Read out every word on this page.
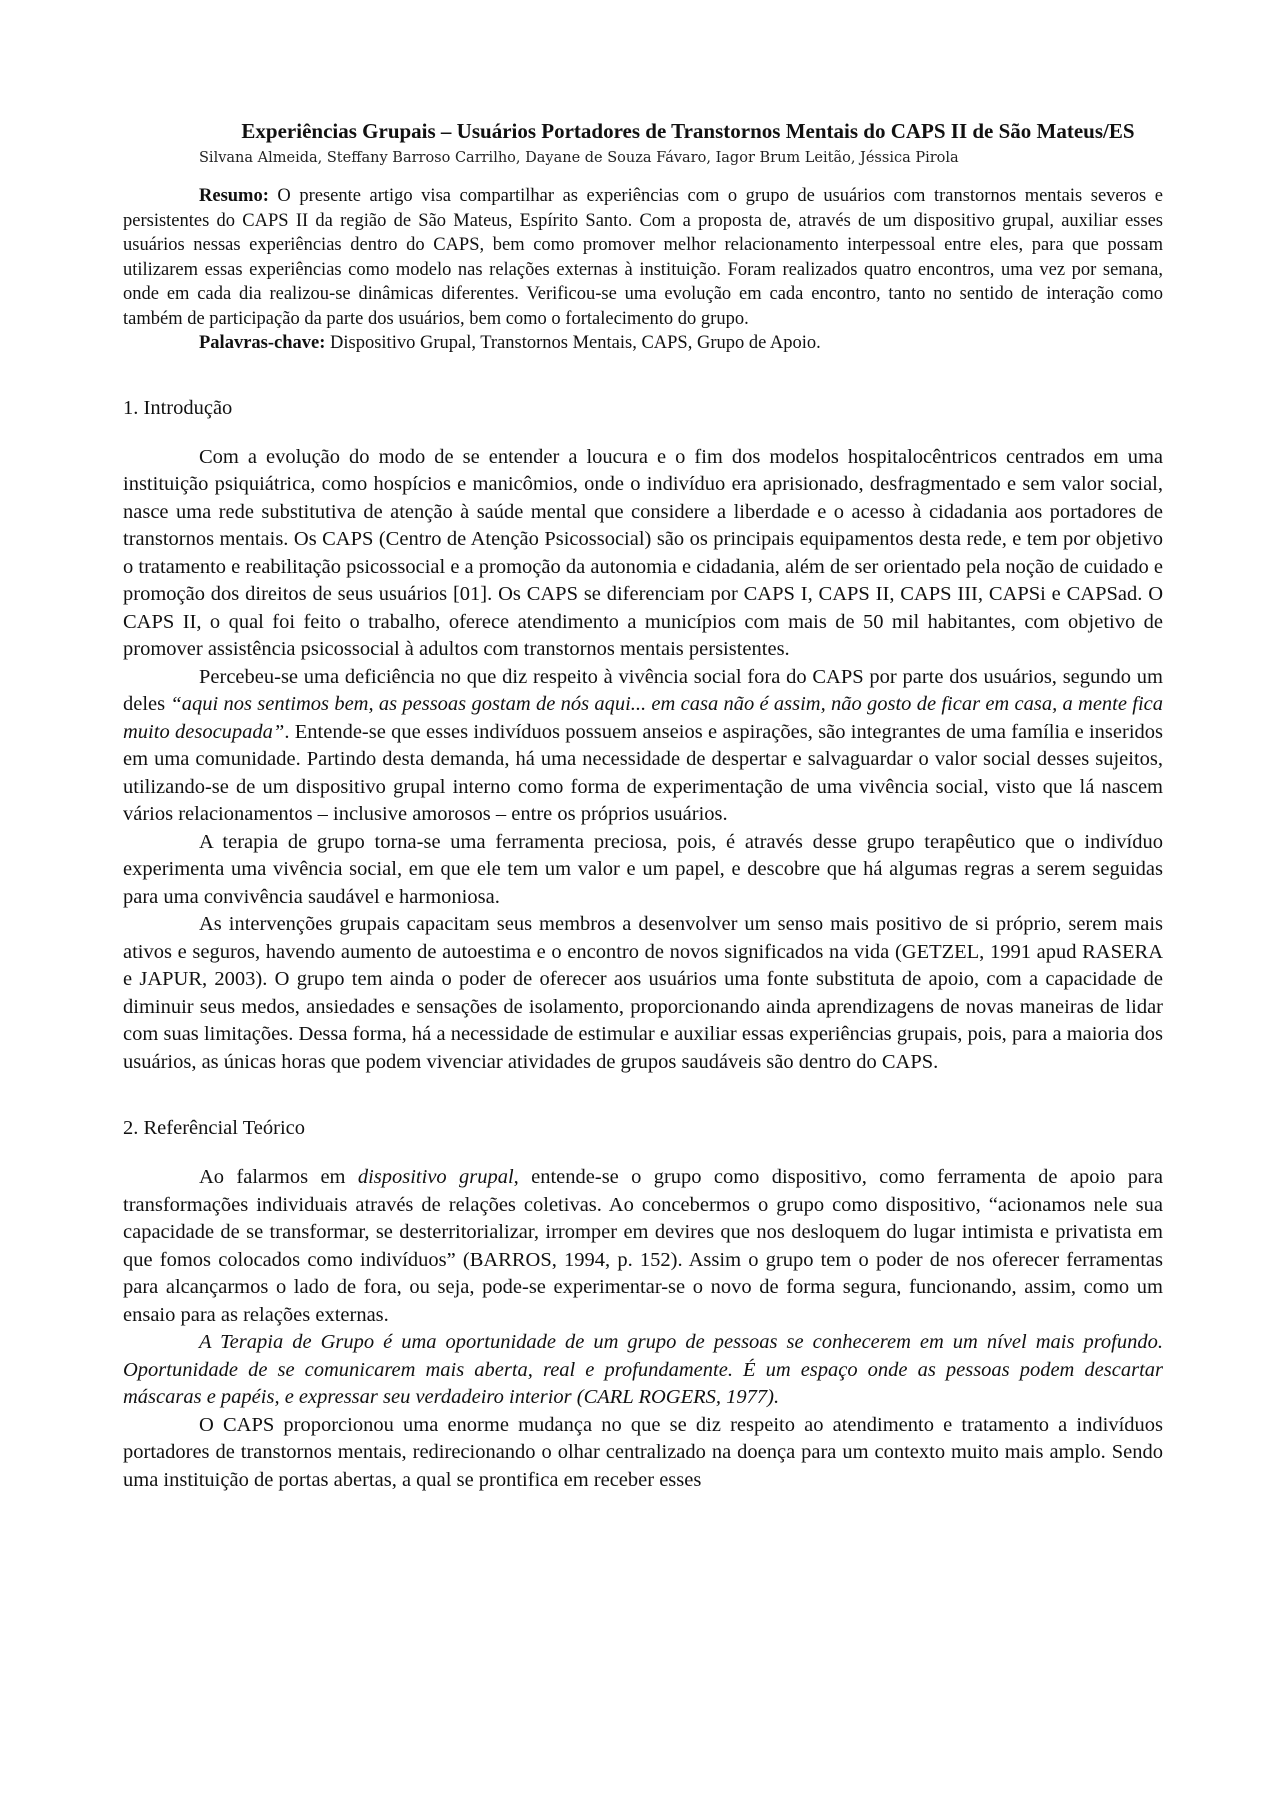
Experiências Grupais – Usuários Portadores de Transtornos Mentais do CAPS II de São Mateus/ES
Silvana Almeida, Steffany Barroso Carrilho, Dayane de Souza Fávaro, Iagor Brum Leitão, Jéssica Pirola

Resumo: O presente artigo visa compartilhar as experiências com o grupo de usuários com transtornos mentais severos e persistentes do CAPS II da região de São Mateus, Espírito Santo. Com a proposta de, através de um dispositivo grupal, auxiliar esses usuários nessas experiências dentro do CAPS, bem como promover melhor relacionamento interpessoal entre eles, para que possam utilizarem essas experiências como modelo nas relações externas à instituição. Foram realizados quatro encontros, uma vez por semana, onde em cada dia realizou-se dinâmicas diferentes. Verificou-se uma evolução em cada encontro, tanto no sentido de interação como também de participação da parte dos usuários, bem como o fortalecimento do grupo.

Palavras-chave: Dispositivo Grupal, Transtornos Mentais, CAPS, Grupo de Apoio.

1. Introdução

Com a evolução do modo de se entender a loucura e o fim dos modelos hospitalocêntricos centrados em uma instituição psiquiátrica, como hospícios e manicômios, onde o indivíduo era aprisionado, desfragmentado e sem valor social, nasce uma rede substitutiva de atenção à saúde mental que considere a liberdade e o acesso à cidadania aos portadores de transtornos mentais. Os CAPS (Centro de Atenção Psicossocial) são os principais equipamentos desta rede, e tem por objetivo o tratamento e reabilitação psicossocial e a promoção da autonomia e cidadania, além de ser orientado pela noção de cuidado e promoção dos direitos de seus usuários [01]. Os CAPS se diferenciam por CAPS I, CAPS II, CAPS III, CAPSi e CAPSad. O CAPS II, o qual foi feito o trabalho, oferece atendimento a municípios com mais de 50 mil habitantes, com objetivo de promover assistência psicossocial à adultos com transtornos mentais persistentes.

Percebeu-se uma deficiência no que diz respeito à vivência social fora do CAPS por parte dos usuários, segundo um deles “aqui nos sentimos bem, as pessoas gostam de nós aqui... em casa não é assim, não gosto de ficar em casa, a mente fica muito desocupada”. Entende-se que esses indivíduos possuem anseios e aspirações, são integrantes de uma família e inseridos em uma comunidade. Partindo desta demanda, há uma necessidade de despertar e salvaguardar o valor social desses sujeitos, utilizando-se de um dispositivo grupal interno como forma de experimentação de uma vivência social, visto que lá nascem vários relacionamentos – inclusive amorosos – entre os próprios usuários.

A terapia de grupo torna-se uma ferramenta preciosa, pois, é através desse grupo terapêutico que o indivíduo experimenta uma vivência social, em que ele tem um valor e um papel, e descobre que há algumas regras a serem seguidas para uma convivência saudável e harmoniosa.

As intervenções grupais capacitam seus membros a desenvolver um senso mais positivo de si próprio, serem mais ativos e seguros, havendo aumento de autoestima e o encontro de novos significados na vida (GETZEL, 1991 apud RASERA e JAPUR, 2003). O grupo tem ainda o poder de oferecer aos usuários uma fonte substituta de apoio, com a capacidade de diminuir seus medos, ansiedades e sensações de isolamento, proporcionando ainda aprendizagens de novas maneiras de lidar com suas limitações. Dessa forma, há a necessidade de estimular e auxiliar essas experiências grupais, pois, para a maioria dos usuários, as únicas horas que podem vivenciar atividades de grupos saudáveis são dentro do CAPS.

2. Referêncial Teórico

Ao falarmos em dispositivo grupal, entende-se o grupo como dispositivo, como ferramenta de apoio para transformações individuais através de relações coletivas. Ao concebermos o grupo como dispositivo, “acionamos nele sua capacidade de se transformar, se desterritorializar, irromper em devires que nos desloquem do lugar intimista e privatista em que fomos colocados como indivíduos” (BARROS, 1994, p. 152). Assim o grupo tem o poder de nos oferecer ferramentas para alcançarmos o lado de fora, ou seja, pode-se experimentar-se o novo de forma segura, funcionando, assim, como um ensaio para as relações externas.

A Terapia de Grupo é uma oportunidade de um grupo de pessoas se conhecerem em um nível mais profundo. Oportunidade de se comunicarem mais aberta, real e profundamente. É um espaço onde as pessoas podem descartar máscaras e papéis, e expressar seu verdadeiro interior (CARL ROGERS, 1977).

O CAPS proporcionou uma enorme mudança no que se diz respeito ao atendimento e tratamento a indivíduos portadores de transtornos mentais, redirecionando o olhar centralizado na doença para um contexto muito mais amplo. Sendo uma instituição de portas abertas, a qual se prontifica em receber esses
